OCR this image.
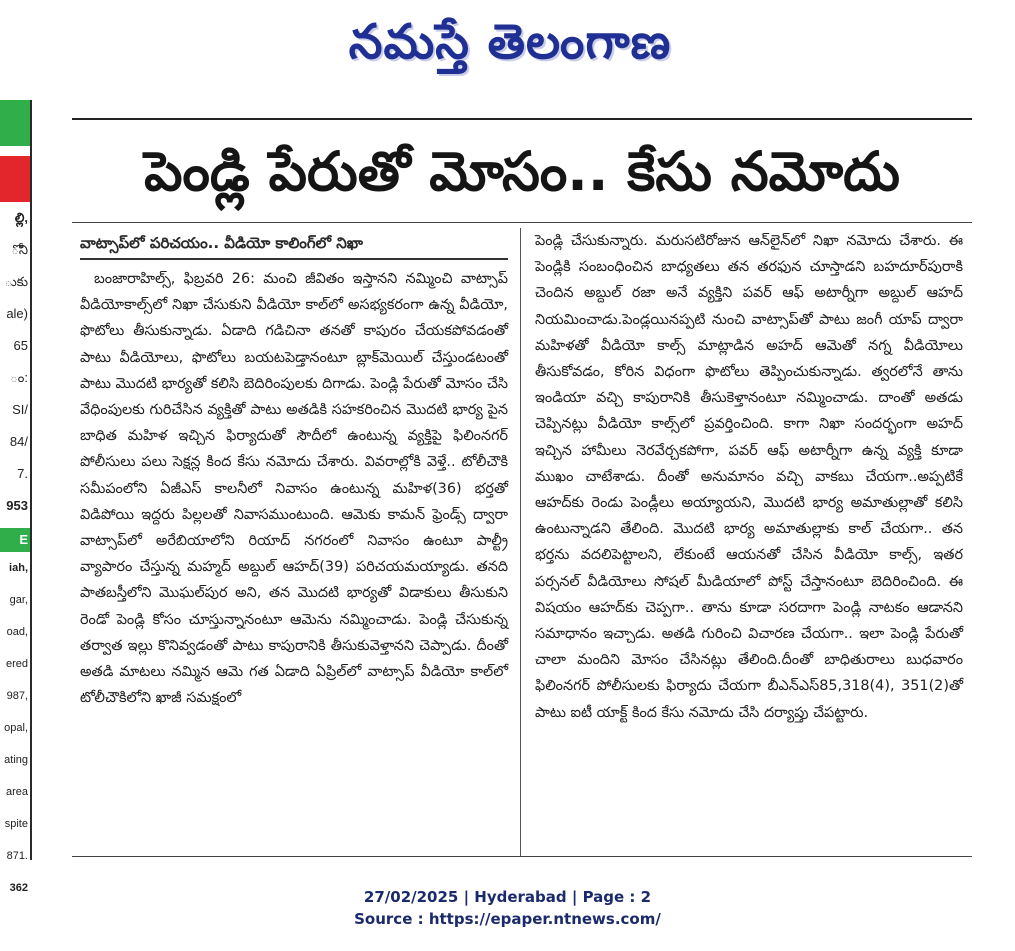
నమస్తే తెలంగాణ
ల్లి,
ోని
ుకు
ale)
65
ం:
SI/
84/
7.
953
E
iah,
gar,
oad,
ered
987,
opal,
ating
area
spite
871.
362
పెండ్లి పేరుతో మోసం.. కేసు నమోదు
వాట్సాప్‌లో పరిచయం.. వీడియో కాలింగ్‌లో నిఖా

బంజారాహిల్స్, ఫిబ్రవరి 26: మంచి జీవితం ఇస్తానని నమ్మించి వాట్సాప్ వీడియోకాల్స్‌లో నిఖా చేసుకుని వీడియో కాల్‌లో అసభ్యకరంగా ఉన్న వీడియో, ఫొటోలు తీసుకున్నాడు. ఏడాది గడిచినా తనతో కాపురం చేయకపోవడంతో పాటు వీడియోలు, ఫొటోలు బయటపెడ్తానంటూ బ్లాక్‌మెయిల్ చేస్తుండటంతో పాటు మొదటి భార్యతో కలిసి బెదిరింపులకు దిగాడు. పెండ్లి పేరుతో మోసం చేసి వేధింపులకు గురిచేసిన వ్యక్తితో పాటు అతడికి సహకరించిన మొదటి భార్య పైన బాధిత మహిళ ఇచ్చిన ఫిర్యాదుతో సౌదీలో ఉంటున్న వ్యక్తిపై ఫిలింనగర్ పోలీసులు పలు సెక్షన్ల కింద కేసు నమోదు చేశారు. వివరాల్లోకి వెళ్తే.. టోలీచౌకి సమీపంలోని ఏజీఎస్ కాలనీలో నివాసం ఉంటున్న మహిళ(36) భర్తతో విడిపోయి ఇద్దరు పిల్లలతో నివాసముంటుంది. ఆమెకు కామన్ ఫ్రెండ్స్ ద్వారా వాట్సాప్‌లో అరేబియాలోని రియాద్ నగరంలో నివాసం ఉంటూ పాల్ట్రీ వ్యాపారం చేస్తున్న మహ్మద్ అబ్దుల్ ఆహద్(39) పరిచయమయ్యాడు. తనది పాతబస్తీలోని మొఘల్‌పుర అని, తన మొదటి భార్యతో విడాకులు తీసుకుని రెండో పెండ్లి కోసం చూస్తున్నానంటూ ఆమెను నమ్మించాడు. పెండ్లి చేసుకున్న తర్వాత ఇల్లు కొనివ్వడంతో పాటు కాపురానికి తీసుకువెళ్తానని చెప్పాడు. దీంతో అతడి మాటలు నమ్మిన ఆమె గత ఏడాది ఏప్రిల్‌లో వాట్సాప్ వీడియో కాల్‌లో టోలీచౌకిలోని ఖాజీ సమక్షంలో

పెండ్లి చేసుకున్నారు. మరుసటిరోజున ఆన్‌లైన్‌లో నిఖా నమోదు చేశారు. ఈ పెండ్లికి సంబంధించిన బాధ్యతలు తన తరఫున చూస్తాడని బహదూర్‌పురాకి చెందిన అబ్దుల్ రజా అనే వ్యక్తిని పవర్ ఆఫ్ అటార్నీగా అబ్దుల్ ఆహద్ నియమించాడు.పెండ్లయినప్పటి నుంచి వాట్సాప్‌తో పాటు జంగీ యాప్ ద్వారా మహిళతో వీడియో కాల్స్ మాట్లాడిన అహద్ ఆమెతో నగ్న వీడియోలు తీసుకోవడం, కోరిన విధంగా ఫొటోలు తెప్పించుకున్నాడు. త్వరలోనే తాను ఇండియా వచ్చి కాపురానికి తీసుకెళ్తానంటూ నమ్మించాడు. దాంతో అతడు చెప్పినట్లు వీడియో కాల్స్‌లో ప్రవర్తించింది. కాగా నిఖా సందర్భంగా అహద్ ఇచ్చిన హామీలు నెరవేర్చకపోగా, పవర్ ఆఫ్ అటార్నీగా ఉన్న వ్యక్తి కూడా ముఖం చాటేశాడు. దీంతో అనుమానం వచ్చి వాకబు చేయగా..అప్పటికే ఆహద్‌కు రెండు పెండ్లీలు అయ్యాయని, మొదటి భార్య అమాతుల్లాతో కలిసి ఉంటున్నాడని తేలింది. మొదటి భార్య అమాతుల్లాకు కాల్ చేయగా.. తన భర్తను వదలిపెట్టాలని, లేకుంటే ఆయనతో చేసిన వీడియో కాల్స్, ఇతర పర్సనల్ వీడియోలు సోషల్ మీడియాలో పోస్ట్ చేస్తానంటూ బెదిరించింది. ఈ విషయం ఆహద్‌కు చెప్పగా.. తాను కూడా సరదాగా పెండ్లి నాటకం ఆడానని సమాధానం ఇచ్చాడు. అతడి గురించి విచారణ చేయగా.. ఇలా పెండ్లి పేరుతో చాలా మందిని మోసం చేసినట్లు తేలింది.దీంతో బాధితురాలు బుధవారం ఫిలింనగర్ పోలీసులకు ఫిర్యాదు చేయగా బీఎన్ఎస్85,318(4), 351(2)తో పాటు ఐటీ యాక్ట్ కింద కేసు నమోదు చేసి దర్యాప్తు చేపట్టారు.

27/02/2025 | Hyderabad | Page : 2
Source : https://epaper.ntnews.com/
